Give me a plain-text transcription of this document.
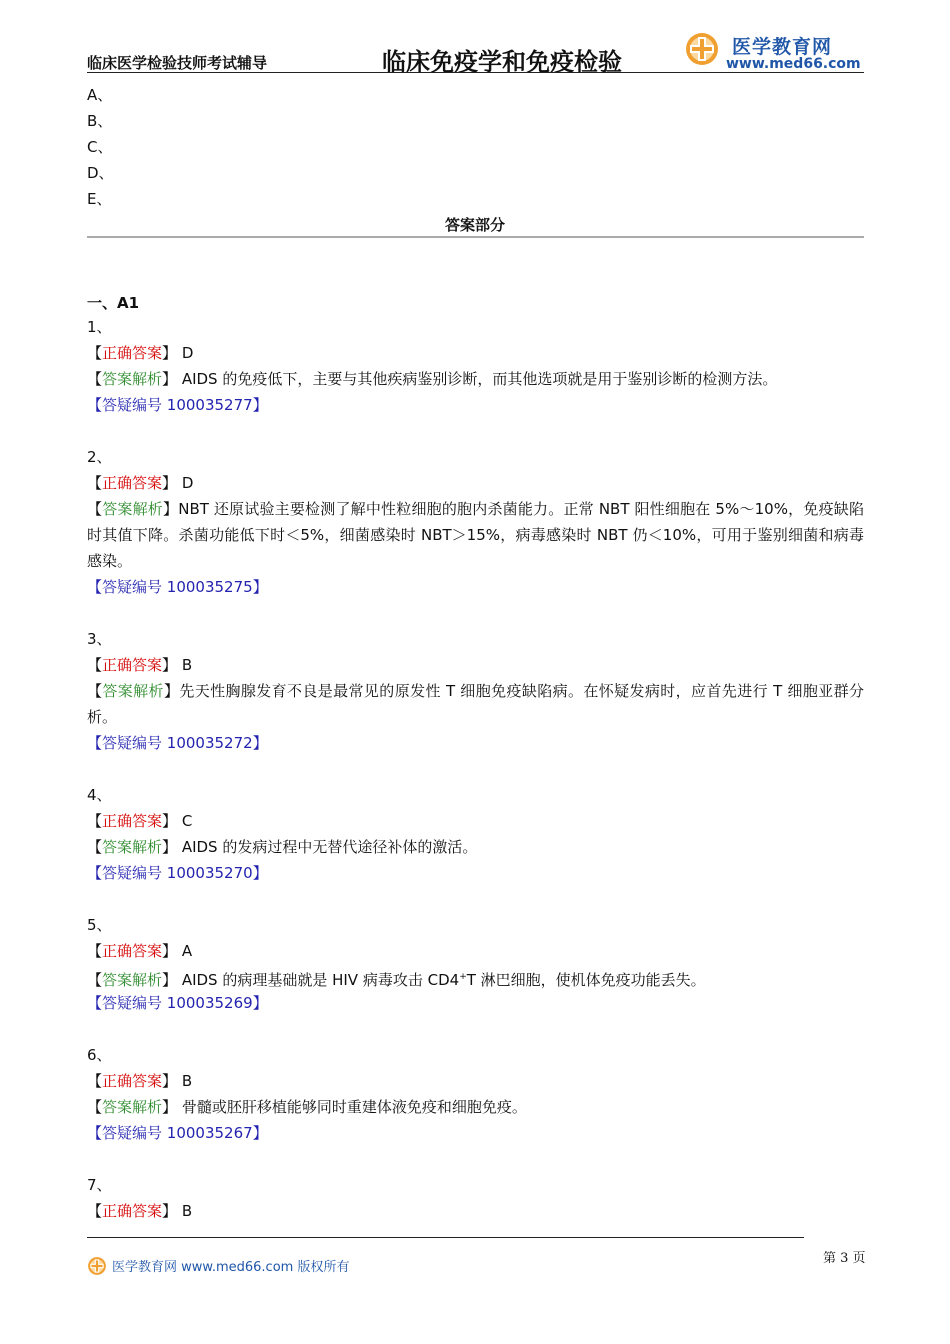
临床医学检验技师考试辅导	临床免疫学和免疫检验	医学教育网
www.med66.com
A、
B、
C、
D、
E、
答案部分
一、A1
1、
【正确答案】 D
【答案解析】 AIDS 的免疫低下，主要与其他疾病鉴别诊断，而其他选项就是用于鉴别诊断的检测方法。
【答疑编号 100035277】
2、
【正确答案】 D
【答案解析】NBT 还原试验主要检测了解中性粒细胞的胞内杀菌能力。正常 NBT 阳性细胞在 5%～10%，免疫缺陷时其值下降。杀菌功能低下时＜5%，细菌感染时 NBT＞15%，病毒感染时 NBT 仍＜10%，可用于鉴别细菌和病毒感染。
【答疑编号 100035275】
3、
【正确答案】 B
【答案解析】先天性胸腺发育不良是最常见的原发性 T 细胞免疫缺陷病。在怀疑发病时，应首先进行 T 细胞亚群分析。
【答疑编号 100035272】
4、
【正确答案】 C
【答案解析】 AIDS 的发病过程中无替代途径补体的激活。
【答疑编号 100035270】
5、
【正确答案】 A
【答案解析】 AIDS 的病理基础就是 HIV 病毒攻击 CD4+T 淋巴细胞，使机体免疫功能丢失。
【答疑编号 100035269】
6、
【正确答案】 B
【答案解析】 骨髓或胚肝移植能够同时重建体液免疫和细胞免疫。
【答疑编号 100035267】
7、
【正确答案】 B
医学教育网 www.med66.com 版权所有
第 3 页
